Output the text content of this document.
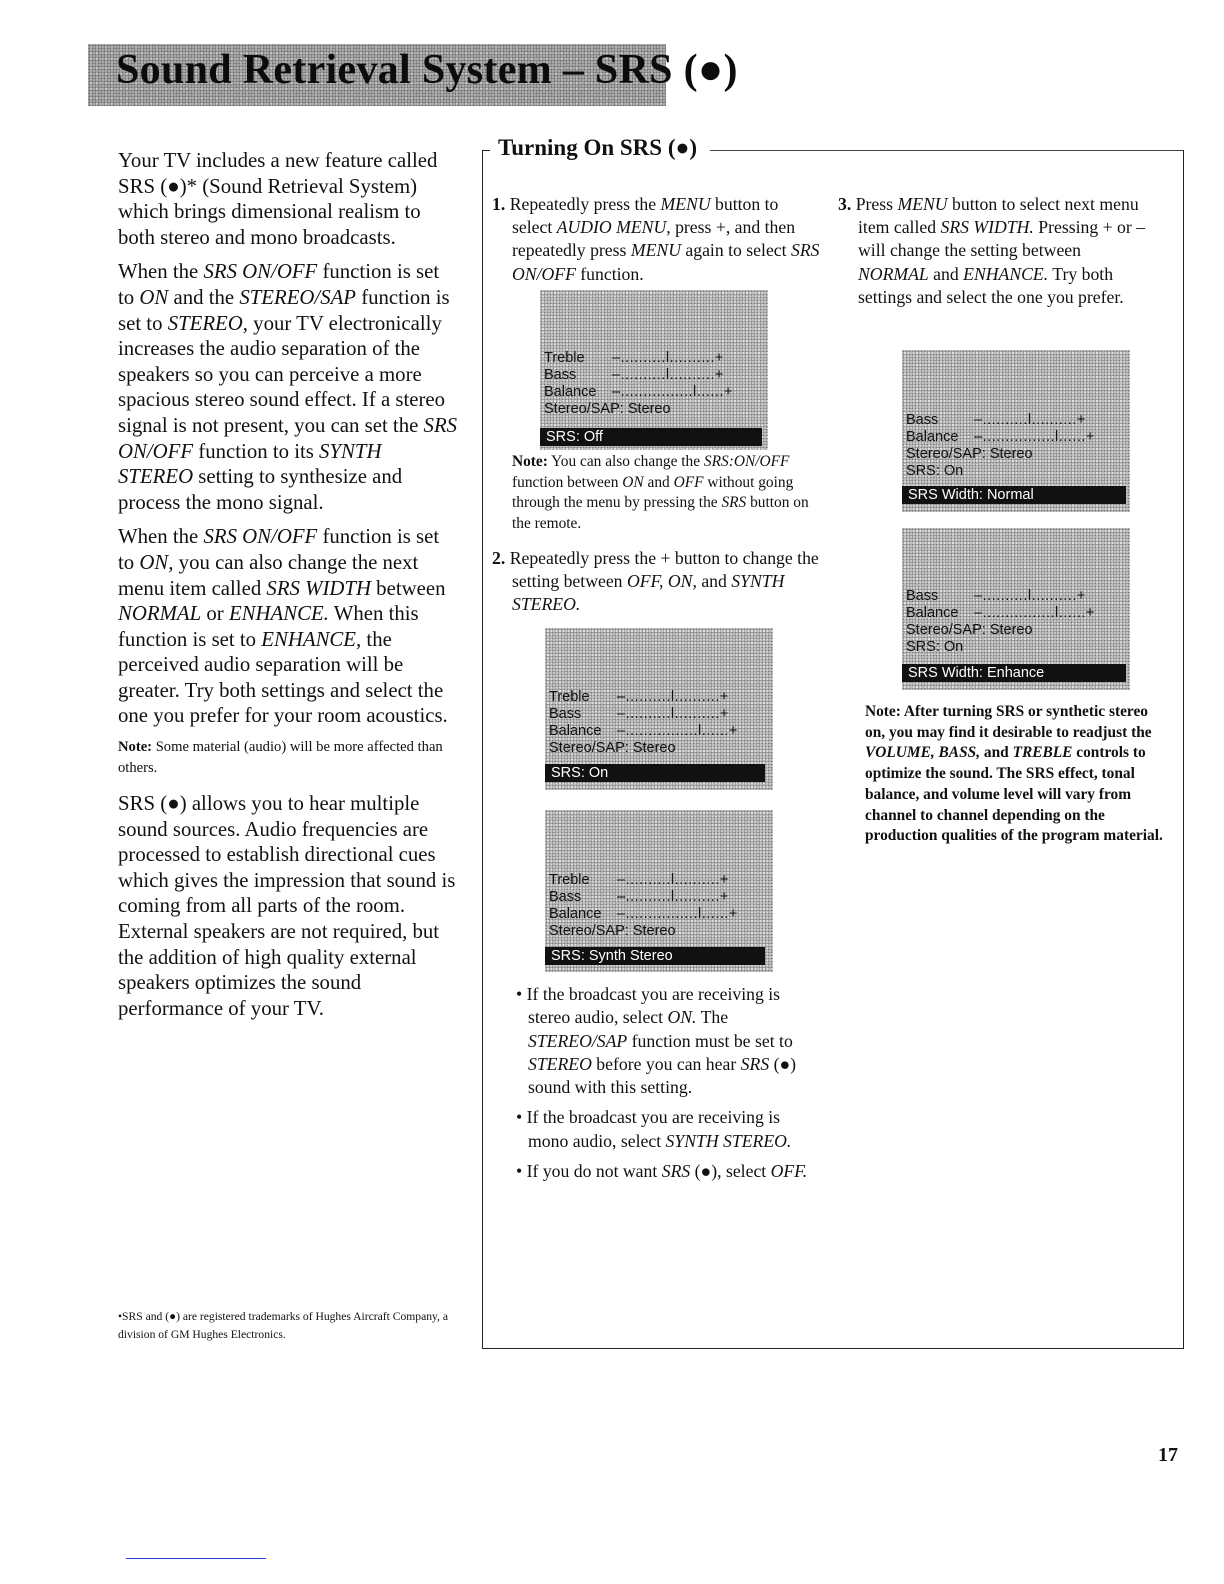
Sound Retrieval System – SRS (●)

Your TV includes a new feature called SRS (●)* (Sound Retrieval System) which brings dimensional realism to both stereo and mono broadcasts.

When the SRS ON/OFF function is set to ON and the STEREO/SAP function is set to STEREO, your TV electronically increases the audio separation of the speakers so you can perceive a more spacious stereo sound effect. If a stereo signal is not present, you can set the SRS ON/OFF function to its SYNTH STEREO setting to synthesize and process the mono signal.

When the SRS ON/OFF function is set to ON, you can also change the next menu item called SRS WIDTH between NORMAL or ENHANCE. When this function is set to ENHANCE, the perceived audio separation will be greater. Try both settings and select the one you prefer for your room acoustics.

Note: Some material (audio) will be more affected than others.

SRS (●) allows you to hear multiple sound sources. Audio frequencies are processed to establish directional cues which gives the impression that sound is coming from all parts of the room. External speakers are not required, but the addition of high quality external speakers optimizes the sound performance of your TV.

•SRS and (●) are registered trademarks of Hughes Aircraft Company, a division of GM Hughes Electronics.
Turning On SRS (●)
1. Repeatedly press the MENU button to select AUDIO MENU, press +, and then repeatedly press MENU again to select SRS ON/OFF function.
Treble –..........l..........+
Bass –..........l..........+
Balance –................l......+
Stereo/SAP: Stereo
SRS: Off
Note: You can also change the SRS:ON/OFF function between ON and OFF without going through the menu by pressing the SRS button on the remote.
2. Repeatedly press the + button to change the setting between OFF, ON, and SYNTH STEREO.
Treble –..........l..........+
Bass –..........l..........+
Balance –................l......+
Stereo/SAP: Stereo
SRS: On
Treble –..........l..........+
Bass –..........l..........+
Balance –................l......+
Stereo/SAP: Stereo
SRS: Synth Stereo
• If the broadcast you are receiving is stereo audio, select ON. The STEREO/SAP function must be set to STEREO before you can hear SRS (●) sound with this setting.
• If the broadcast you are receiving is mono audio, select SYNTH STEREO.
• If you do not want SRS (●), select OFF.
3. Press MENU button to select next menu item called SRS WIDTH. Pressing + or – will change the setting between NORMAL and ENHANCE. Try both settings and select the one you prefer.
Bass –..........l..........+
Balance –................l......+
Stereo/SAP: Stereo
SRS: On
SRS Width: Normal
Bass –..........l..........+
Balance –................l......+
Stereo/SAP: Stereo
SRS: On
SRS Width: Enhance
Note: After turning SRS or synthetic stereo on, you may find it desirable to readjust the VOLUME, BASS, and TREBLE controls to optimize the sound. The SRS effect, tonal balance, and volume level will vary from channel to channel depending on the production qualities of the program material.
17
